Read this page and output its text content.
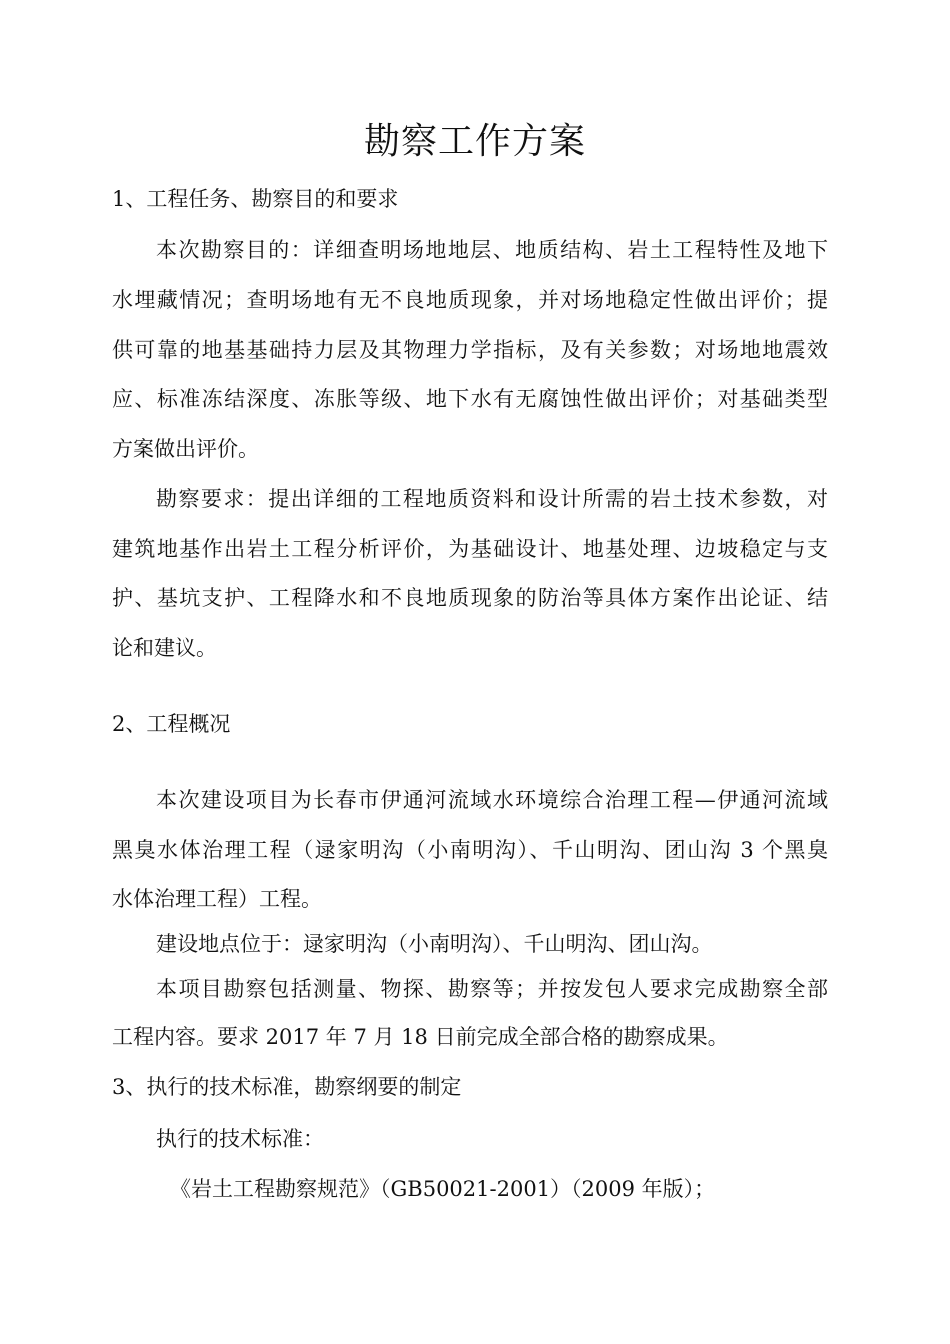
勘察工作方案
1、工程任务、勘察目的和要求
本次勘察目的：详细查明场地地层、地质结构、岩土工程特性及地下
水埋藏情况；查明场地有无不良地质现象，并对场地稳定性做出评价；提
供可靠的地基基础持力层及其物理力学指标，及有关参数；对场地地震效
应、标准冻结深度、冻胀等级、地下水有无腐蚀性做出评价；对基础类型
方案做出评价。
勘察要求：提出详细的工程地质资料和设计所需的岩土技术参数，对
建筑地基作出岩土工程分析评价，为基础设计、地基处理、边坡稳定与支
护、基坑支护、工程降水和不良地质现象的防治等具体方案作出论证、结
论和建议。
2、工程概况
本次建设项目为长春市伊通河流域水环境综合治理工程—伊通河流域
黑臭水体治理工程（逯家明沟（小南明沟）、千山明沟、团山沟 3 个黑臭
水体治理工程）工程。
建设地点位于：逯家明沟（小南明沟）、千山明沟、团山沟。
本项目勘察包括测量、物探、勘察等；并按发包人要求完成勘察全部
工程内容。要求 2017 年 7 月 18 日前完成全部合格的勘察成果。
3、执行的技术标准，勘察纲要的制定
执行的技术标准：
《岩土工程勘察规范》（GB50021-2001）（2009 年版）；
